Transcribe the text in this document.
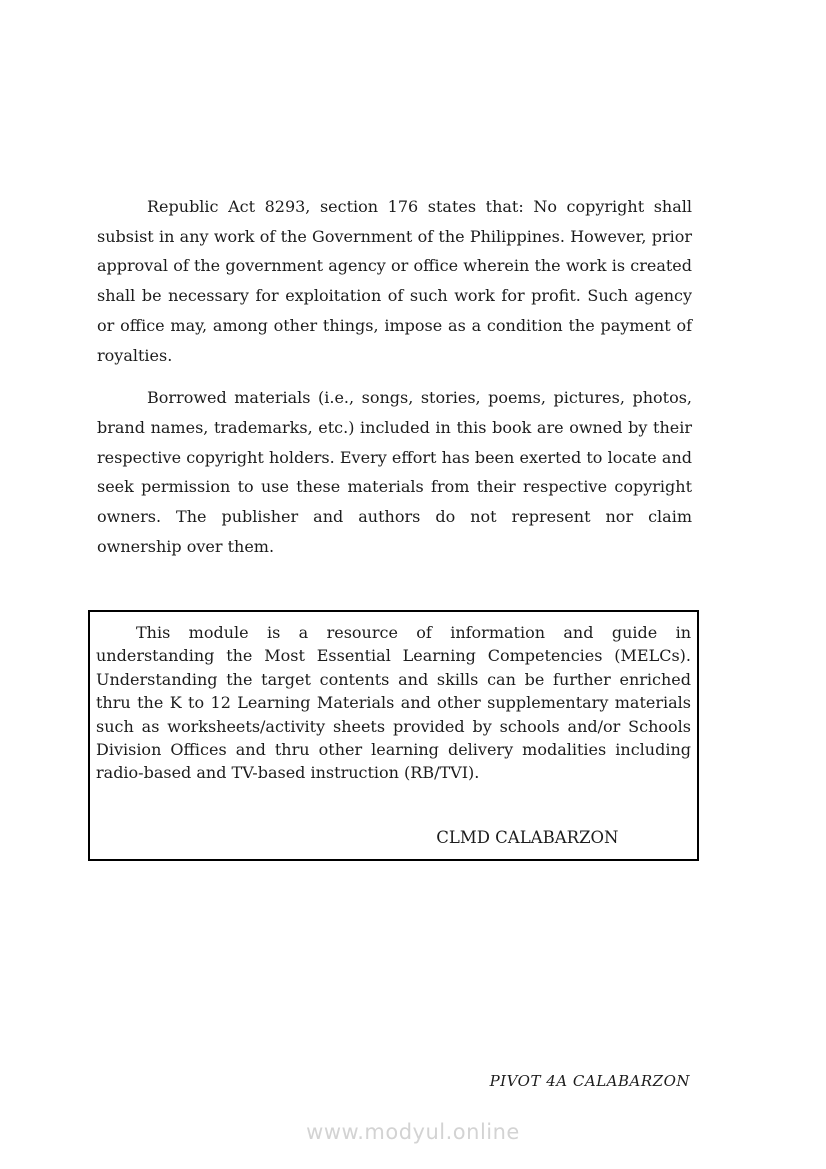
Republic Act 8293, section 176 states that: No copyright shall subsist in any work of the Government of the Philippines. However, prior approval of the government agency or office wherein the work is created shall be necessary for exploitation of such work for profit. Such agency or office may, among other things, impose as a condition the payment of royalties.

Borrowed materials (i.e., songs, stories, poems, pictures, photos, brand names, trademarks, etc.) included in this book are owned by their respective copyright holders. Every effort has been exerted to locate and seek permission to use these materials from their respective copyright owners. The publisher and authors do not represent nor claim ownership over them.

This module is a resource of information and guide in understanding the Most Essential Learning Competencies (MELCs). Understanding the target contents and skills can be further enriched thru the K to 12 Learning Materials and other supplementary materials such as worksheets/activity sheets provided by schools and/or Schools Division Offices and thru other learning delivery modalities including radio-based and TV-based instruction (RB/TVI).

CLMD CALABARZON
PIVOT 4A CALABARZON
www.modyul.online
